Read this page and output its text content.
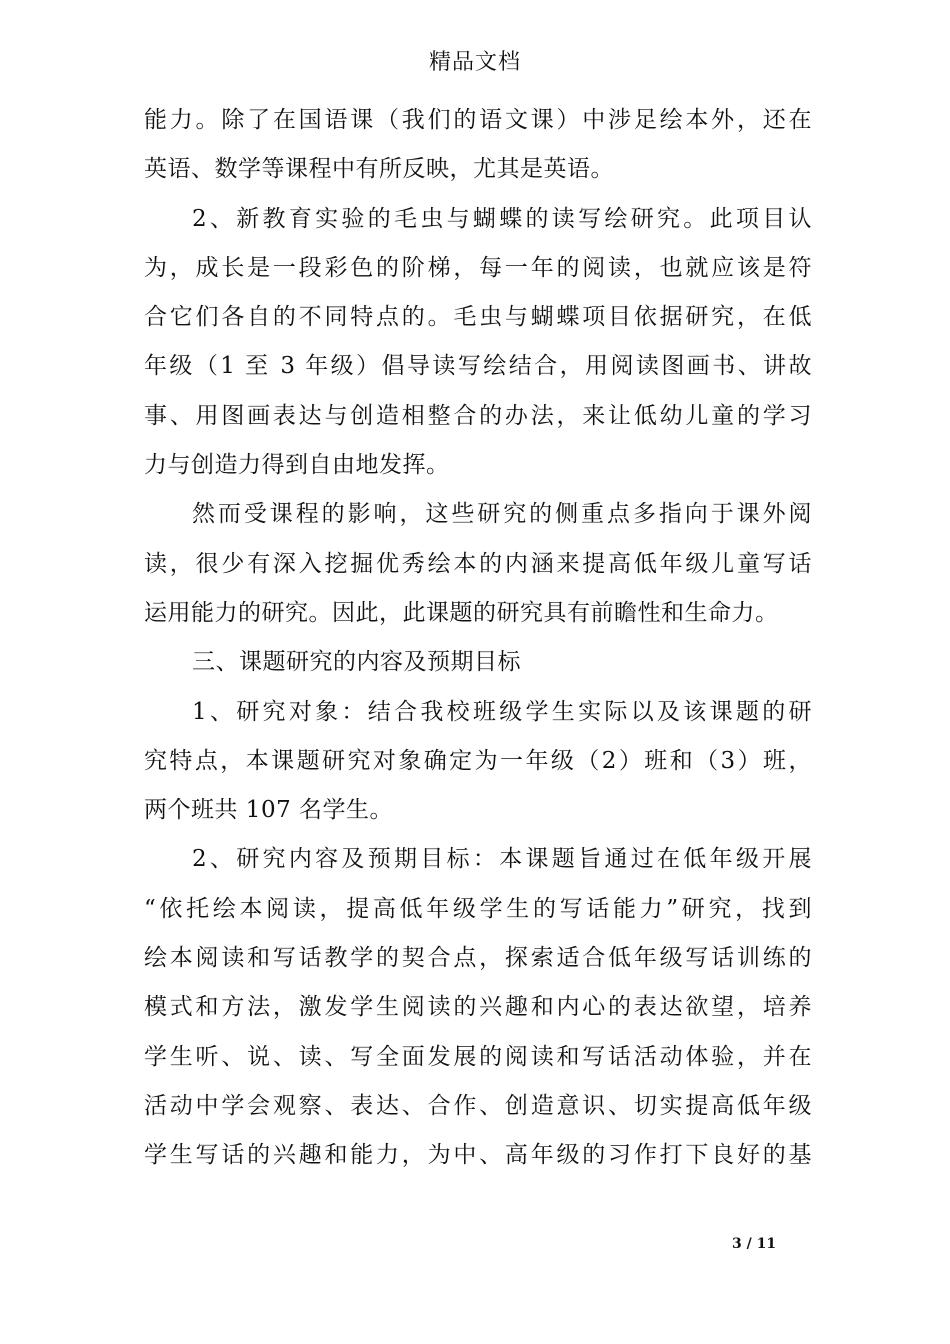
精品文档
能力。除了在国语课（我们的语文课）中涉足绘本外，还在
英语、数学等课程中有所反映，尤其是英语。
2、新教育实验的毛虫与蝴蝶的读写绘研究。此项目认
为，成长是一段彩色的阶梯，每一年的阅读，也就应该是符
合它们各自的不同特点的。毛虫与蝴蝶项目依据研究，在低
年级（1 至 3 年级）倡导读写绘结合，用阅读图画书、讲故
事、用图画表达与创造相整合的办法，来让低幼儿童的学习
力与创造力得到自由地发挥。
然而受课程的影响，这些研究的侧重点多指向于课外阅
读，很少有深入挖掘优秀绘本的内涵来提高低年级儿童写话
运用能力的研究。因此，此课题的研究具有前瞻性和生命力。
三、课题研究的内容及预期目标
1、研究对象：结合我校班级学生实际以及该课题的研
究特点，本课题研究对象确定为一年级（2）班和（3）班，
两个班共 107 名学生。
2、研究内容及预期目标：本课题旨通过在低年级开展
“依托绘本阅读，提高低年级学生的写话能力”研究，找到
绘本阅读和写话教学的契合点，探索适合低年级写话训练的
模式和方法，激发学生阅读的兴趣和内心的表达欲望，培养
学生听、说、读、写全面发展的阅读和写话活动体验，并在
活动中学会观察、表达、合作、创造意识、切实提高低年级
学生写话的兴趣和能力，为中、高年级的习作打下良好的基
3 / 11
